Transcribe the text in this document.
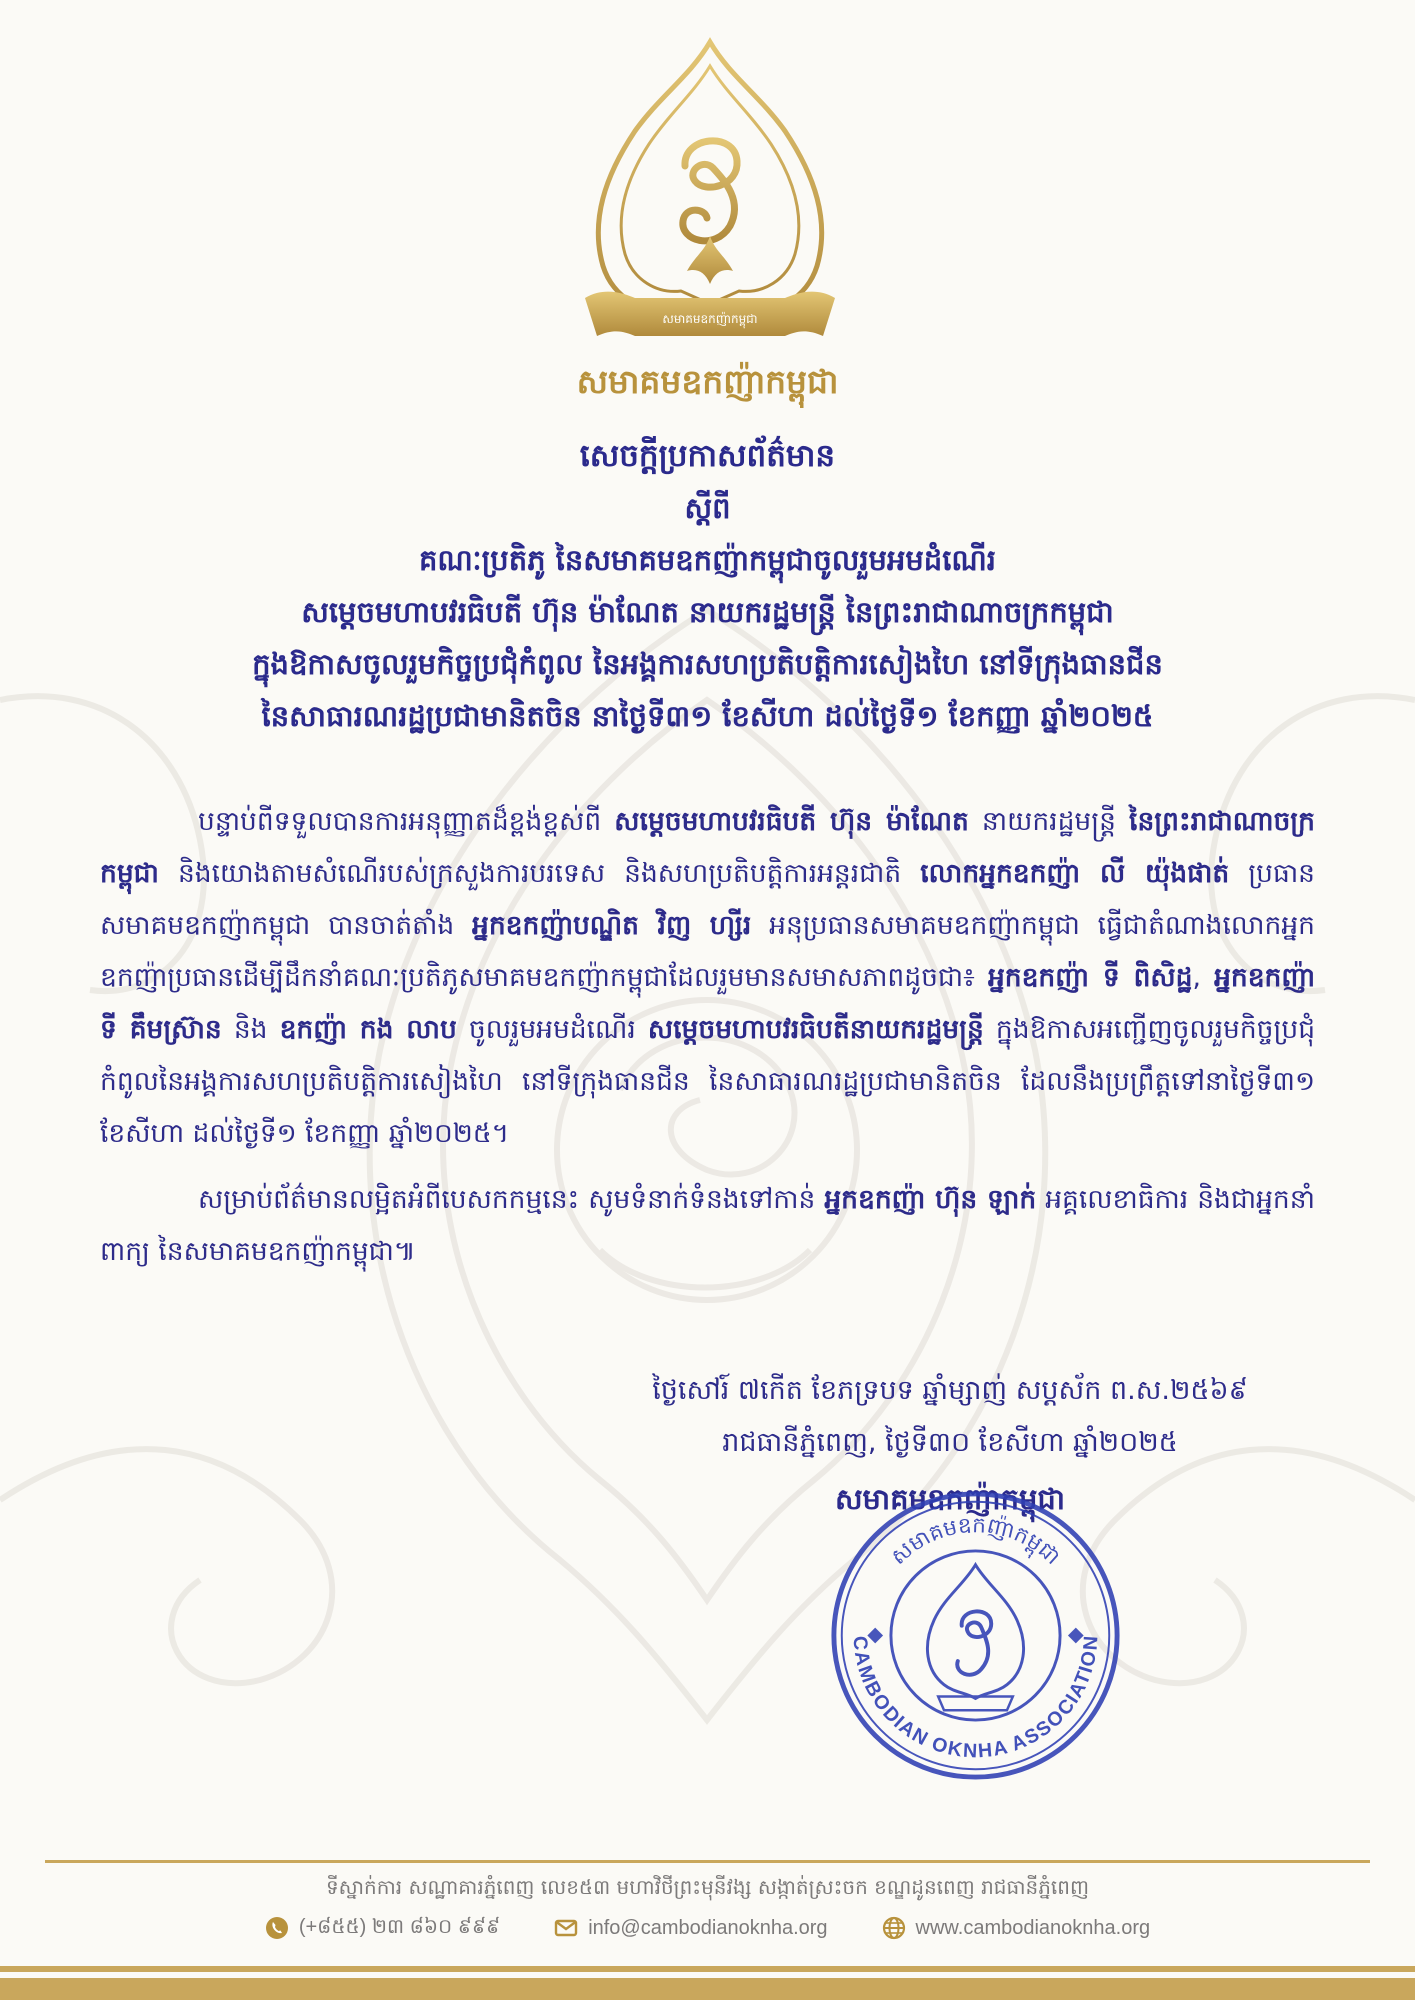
សមាគមឧកញ៉ាកម្ពុជា
សមាគមឧកញ៉ាកម្ពុជា
សេចក្ដីប្រកាសព័ត៌មាន
ស្ដីពី
គណៈប្រតិភូ នៃសមាគមឧកញ៉ាកម្ពុជាចូលរួមអមដំណើរ
សម្ដេចមហាបវរធិបតី ហ៊ុន ម៉ាណែត នាយករដ្ឋមន្ត្រី នៃព្រះរាជាណាចក្រកម្ពុជា
ក្នុងឱកាសចូលរួមកិច្ចប្រជុំកំពូល នៃអង្គការសហប្រតិបត្តិការសៀងហៃ នៅទីក្រុងធានជីន
នៃសាធារណរដ្ឋប្រជាមានិតចិន នាថ្ងៃទី៣១ ខែសីហា ដល់ថ្ងៃទី១ ខែកញ្ញា ឆ្នាំ២០២៥

បន្ទាប់ពីទទួលបានការអនុញ្ញាតដ៏ខ្ពង់ខ្ពស់ពី សម្ដេចមហាបវរធិបតី ហ៊ុន ម៉ាណែត នាយករដ្ឋមន្ត្រី នៃព្រះរាជាណាចក្រកម្ពុជា និងយោងតាមសំណើរបស់ក្រសួងការបរទេស និងសហប្រតិបត្តិការអន្តរជាតិ លោកអ្នកឧកញ៉ា លី យ៉ុងផាត់ ប្រធានសមាគមឧកញ៉ាកម្ពុជា បានចាត់តាំង អ្នកឧកញ៉ាបណ្ឌិត វិញ ហ្សីរ អនុប្រធានសមាគមឧកញ៉ាកម្ពុជា ធ្វើជាតំណាងលោកអ្នកឧកញ៉ាប្រធានដើម្បីដឹកនាំគណៈប្រតិភូសមាគមឧកញ៉ាកម្ពុជាដែលរួមមានសមាសភាពដូចជា៖ អ្នកឧកញ៉ា ទី ពិសិដ្ឋ, អ្នកឧកញ៉ា ទី គឹមស្រ៊ាន និង ឧកញ៉ា កង លាប ចូលរួមអមដំណើរ សម្ដេចមហាបវរធិបតីនាយករដ្ឋមន្ត្រី ក្នុងឱកាសអញ្ជើញចូលរួមកិច្ចប្រជុំកំពូលនៃអង្គការសហប្រតិបត្តិការសៀងហៃ នៅទីក្រុងធានជីន នៃសាធារណរដ្ឋប្រជាមានិតចិន ដែលនឹងប្រព្រឹត្តទៅនាថ្ងៃទី៣១ ខែសីហា ដល់ថ្ងៃទី១ ខែកញ្ញា ឆ្នាំ២០២៥។

សម្រាប់ព័ត៌មានលម្អិតអំពីបេសកកម្មនេះ សូមទំនាក់ទំនងទៅកាន់ អ្នកឧកញ៉ា ហ៊ុន ឡាក់ អគ្គលេខាធិការ និងជាអ្នកនាំពាក្យ នៃសមាគមឧកញ៉ាកម្ពុជា៕

ថ្ងៃសៅរ៍ ៧កើត ខែភទ្របទ ឆ្នាំម្សាញ់ សប្តស័ក ព.ស.២៥៦៩
រាជធានីភ្នំពេញ, ថ្ងៃទី៣០ ខែសីហា ឆ្នាំ២០២៥
សមាគមឧកញ៉ាកម្ពុជា
សមាគមឧកញ៉ាកម្ពុជា
CAMBODIAN OKNHA ASSOCIATION
ទីស្នាក់ការ សណ្ឋាគារភ្នំពេញ លេខ៥៣ មហាវិថីព្រះមុនីវង្ស សង្កាត់ស្រះចក ខណ្ឌដូនពេញ រាជធានីភ្នំពេញ
(+៨៥៥) ២៣ ៨៦០ ៩៩៩	info@cambodianoknha.org	www.cambodianoknha.org
